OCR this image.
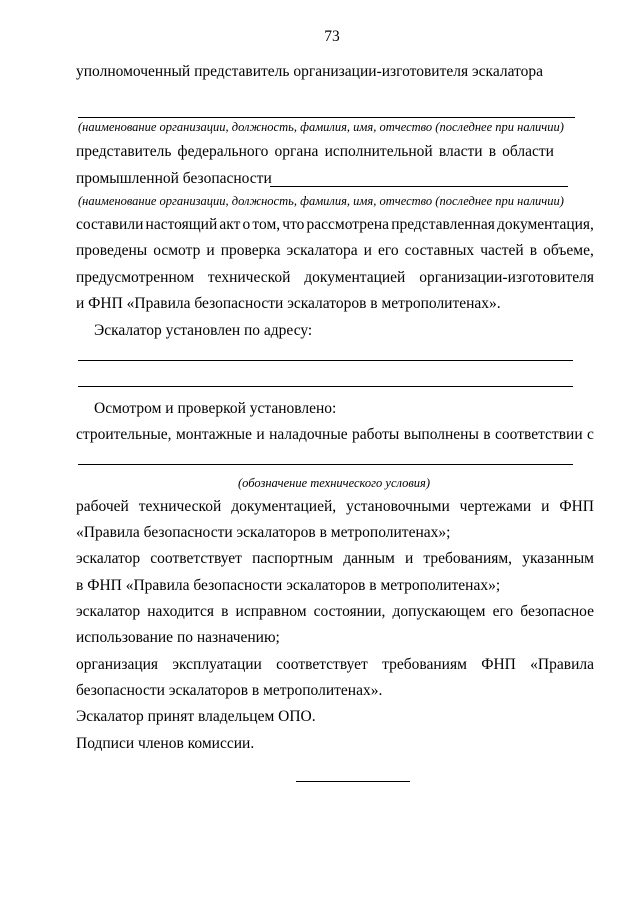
73
уполномоченный представитель организации-изготовителя эскалатора
(наименование организации, должность, фамилия, имя, отчество (последнее при наличии)
представитель федерального органа исполнительной власти в области
промышленной безопасности
(наименование организации, должность, фамилия, имя, отчество (последнее при наличии)
составили настоящий акт о том, что рассмотрена представленная документация,
проведены осмотр и проверка эскалатора и его составных частей в объеме,
предусмотренном технической документацией организации-изготовителя
и ФНП «Правила безопасности эскалаторов в метрополитенах».
Эскалатор установлен по адресу:
Осмотром и проверкой установлено:
строительные, монтажные и наладочные работы выполнены в соответствии с
(обозначение технического условия)
рабочей технической документацией, установочными чертежами и ФНП
«Правила безопасности эскалаторов в метрополитенах»;
эскалатор соответствует паспортным данным и требованиям, указанным
в ФНП «Правила безопасности эскалаторов в метрополитенах»;
эскалатор находится в исправном состоянии, допускающем его безопасное
использование по назначению;
организация эксплуатации соответствует требованиям ФНП «Правила
безопасности эскалаторов в метрополитенах».
Эскалатор принят владельцем ОПО.
Подписи членов комиссии.
